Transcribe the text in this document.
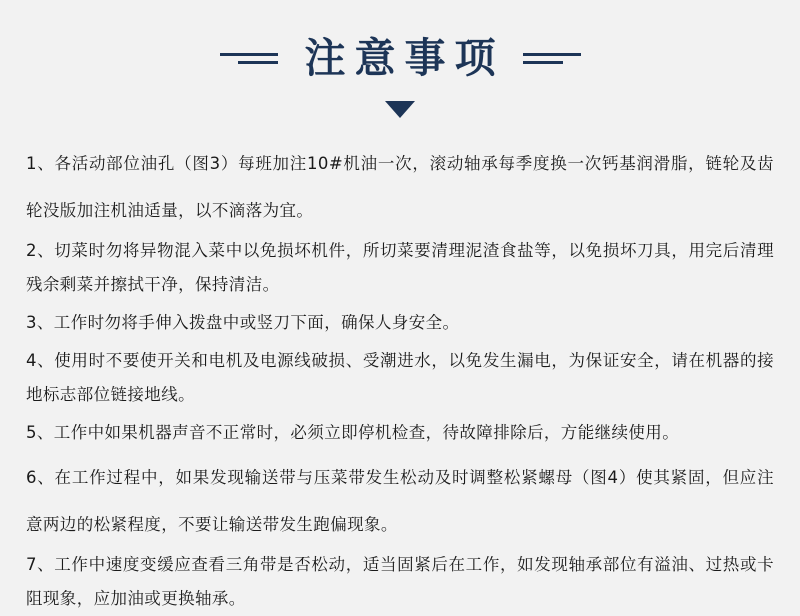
注意事项

1、各活动部位油孔（图3）每班加注10#机油一次，滚动轴承每季度换一次钙基润滑脂，链轮及齿轮没版加注机油适量，以不滴落为宜。

2、切菜时勿将异物混入菜中以免损坏机件，所切菜要清理泥渣食盐等，以免损坏刀具，用完后清理残余剩菜并擦拭干净，保持清洁。

3、工作时勿将手伸入拨盘中或竖刀下面，确保人身安全。

4、使用时不要使开关和电机及电源线破损、受潮进水，以免发生漏电，为保证安全，请在机器的接地标志部位链接地线。

5、工作中如果机器声音不正常时，必须立即停机检查，待故障排除后，方能继续使用。

6、在工作过程中，如果发现输送带与压菜带发生松动及时调整松紧螺母（图4）使其紧固，但应注意两边的松紧程度，不要让输送带发生跑偏现象。

7、工作中速度变缓应查看三角带是否松动，适当固紧后在工作，如发现轴承部位有溢油、过热或卡阻现象，应加油或更换轴承。
